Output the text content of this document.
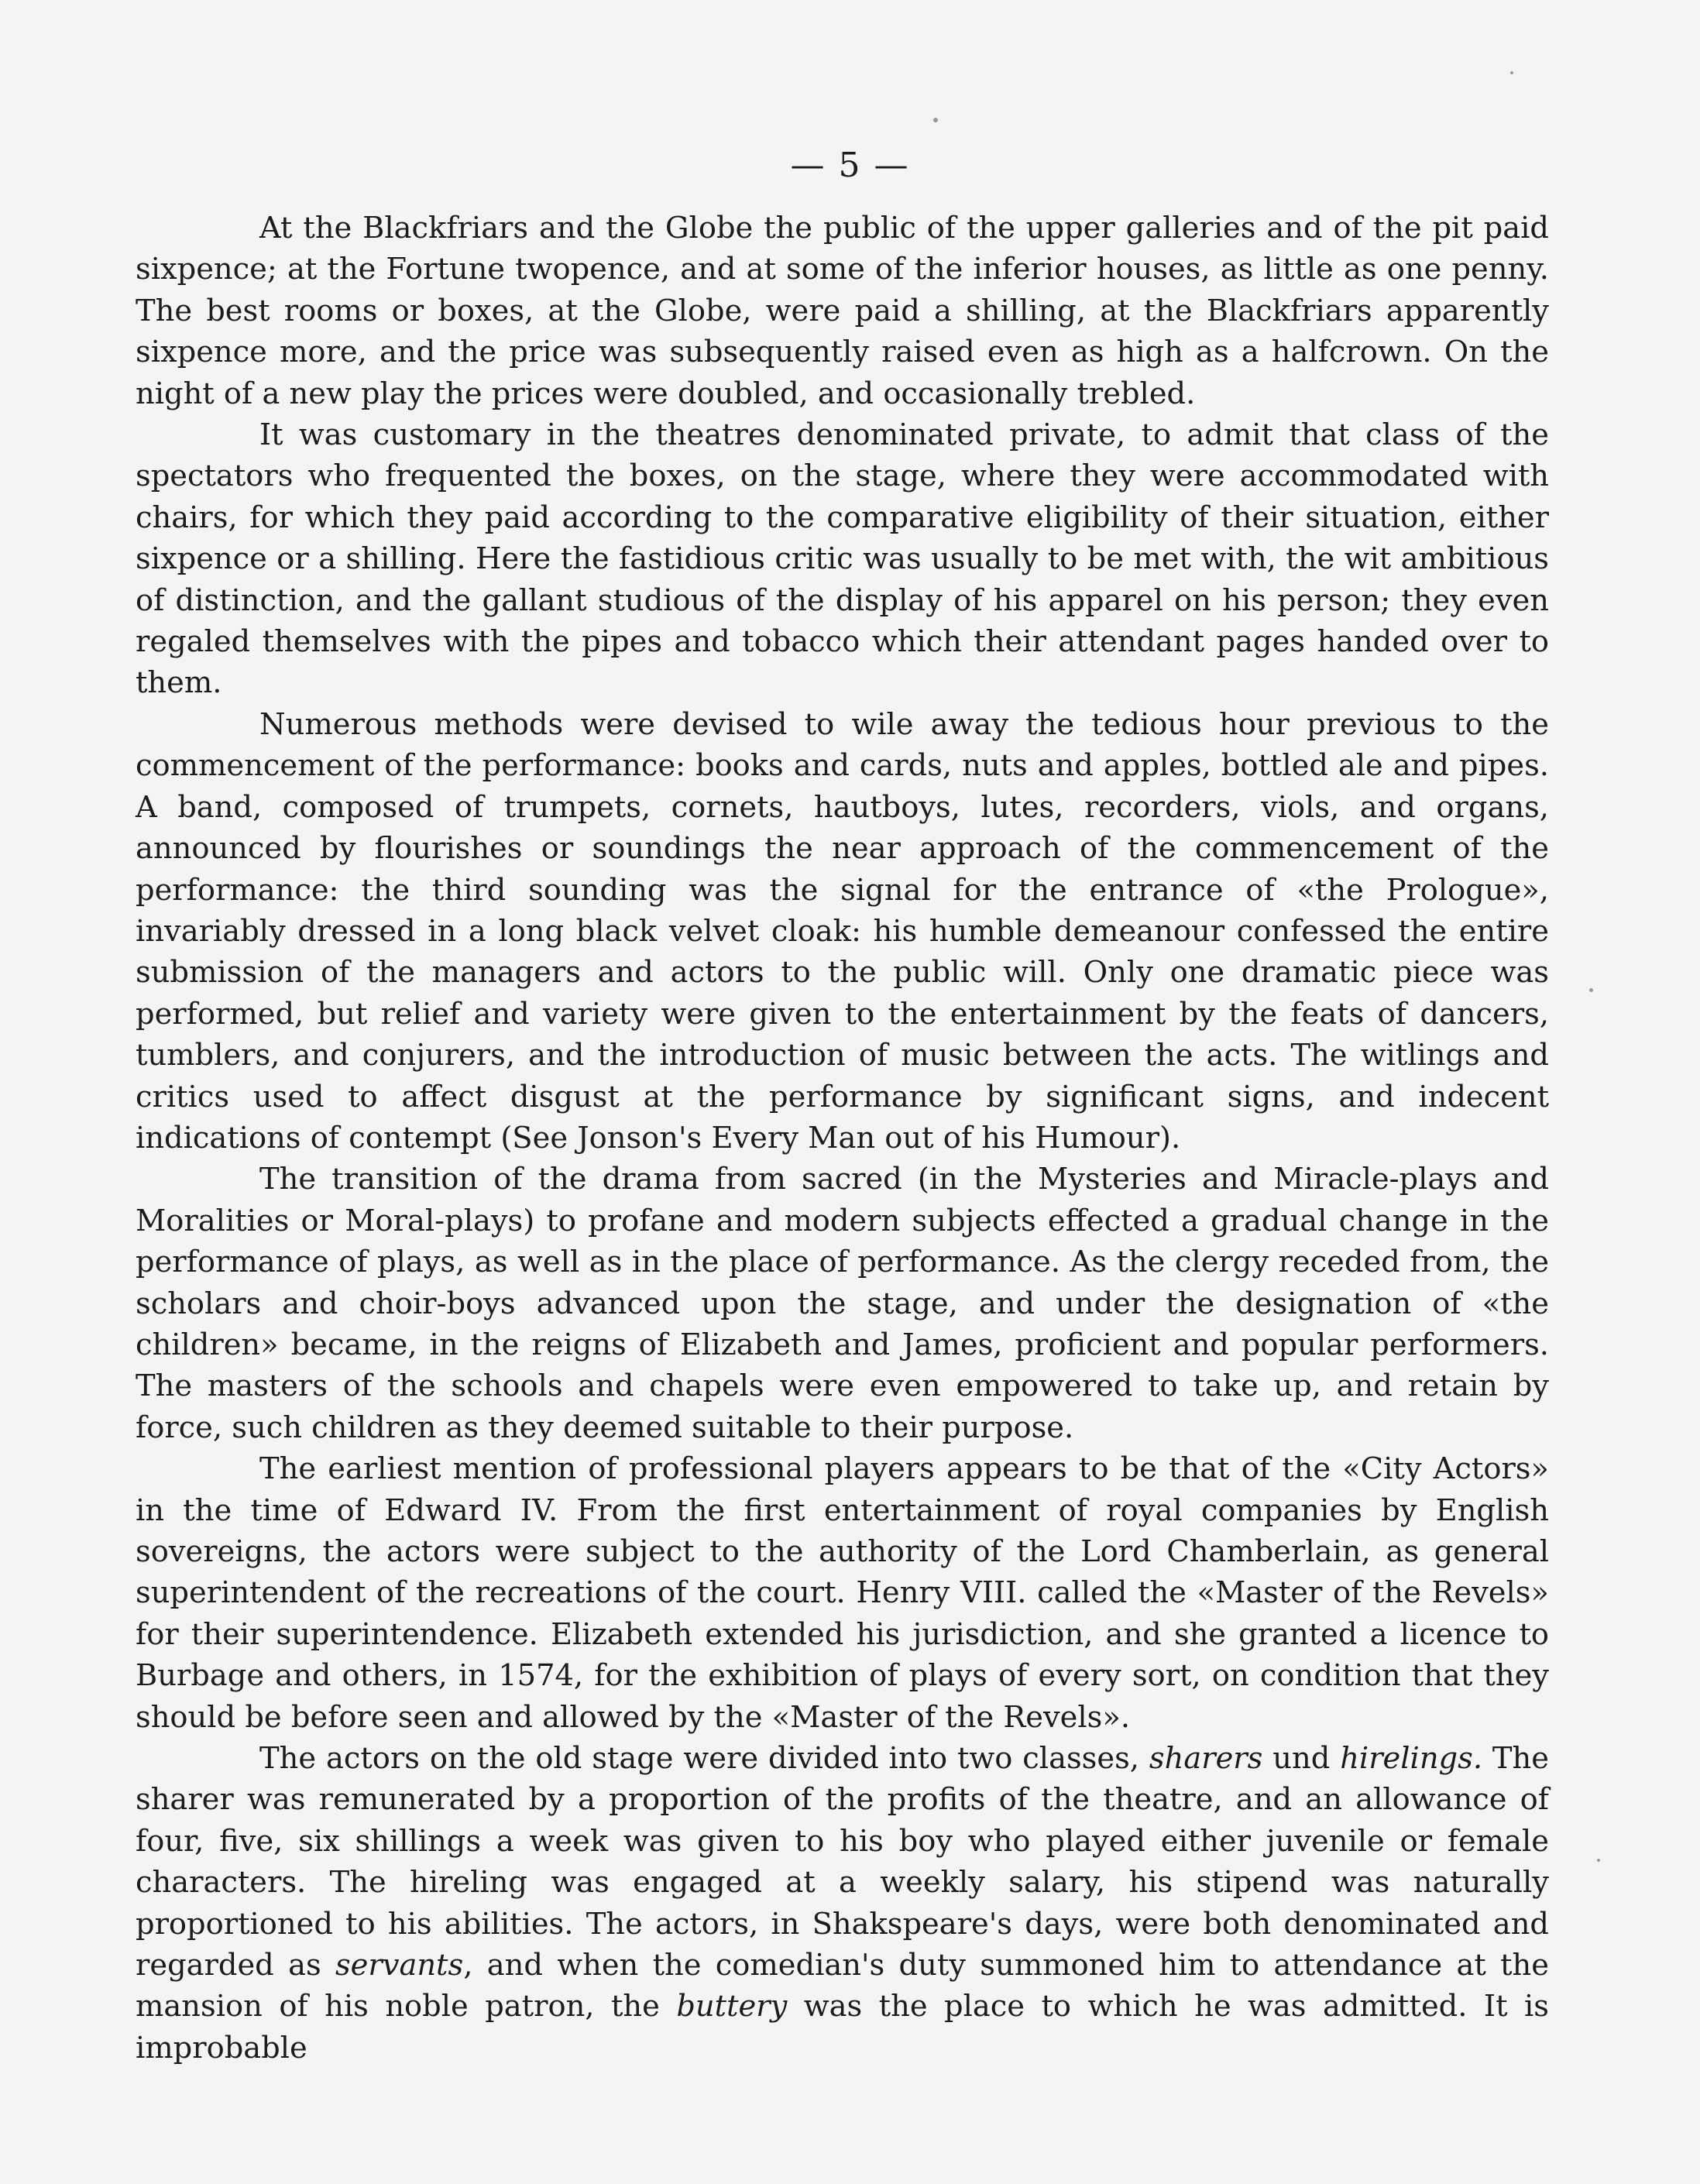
— 5 —

At the Blackfriars and the Globe the public of the upper galleries and of the pit paid sixpence; at the Fortune twopence, and at some of the inferior houses, as little as one penny. The best rooms or boxes, at the Globe, were paid a shilling, at the Blackfriars apparently sixpence more, and the price was subsequently raised even as high as a halfcrown. On the night of a new play the prices were doubled, and occasionally trebled.

It was customary in the theatres denominated private, to admit that class of the spectators who frequented the boxes, on the stage, where they were accommodated with chairs, for which they paid according to the comparative eligibility of their situation, either sixpence or a shilling. Here the fastidious critic was usually to be met with, the wit ambitious of distinction, and the gallant studious of the display of his apparel on his person; they even regaled themselves with the pipes and tobacco which their attendant pages handed over to them.

Numerous methods were devised to wile away the tedious hour previous to the commencement of the performance: books and cards, nuts and apples, bottled ale and pipes. A band, composed of trumpets, cornets, hautboys, lutes, recorders, viols, and organs, announced by flourishes or soundings the near approach of the commencement of the performance: the third sounding was the signal for the entrance of «the Prologue», invariably dressed in a long black velvet cloak: his humble demeanour confessed the entire submission of the managers and actors to the public will. Only one dramatic piece was performed, but relief and variety were given to the entertainment by the feats of dancers, tumblers, and conjurers, and the introduction of music between the acts. The witlings and critics used to affect disgust at the performance by significant signs, and indecent indications of contempt (See Jonson's Every Man out of his Humour).

The transition of the drama from sacred (in the Mysteries and Miracle-plays and Moralities or Moral-plays) to profane and modern subjects effected a gradual change in the performance of plays, as well as in the place of performance. As the clergy receded from, the scholars and choir-boys advanced upon the stage, and under the designation of «the children» became, in the reigns of Elizabeth and James, proficient and popular performers. The masters of the schools and chapels were even empowered to take up, and retain by force, such children as they deemed suitable to their purpose.

The earliest mention of professional players appears to be that of the «City Actors» in the time of Edward IV. From the first entertainment of royal companies by English sovereigns, the actors were subject to the authority of the Lord Chamberlain, as general superintendent of the recreations of the court. Henry VIII. called the «Master of the Revels» for their superintendence. Elizabeth extended his jurisdiction, and she granted a licence to Burbage and others, in 1574, for the exhibition of plays of every sort, on condition that they should be before seen and allowed by the «Master of the Revels».

The actors on the old stage were divided into two classes, sharers und hirelings. The sharer was remunerated by a proportion of the profits of the theatre, and an allowance of four, five, six shillings a week was given to his boy who played either juvenile or female characters. The hireling was engaged at a weekly salary, his stipend was naturally proportioned to his abilities. The actors, in Shakspeare's days, were both denominated and regarded as servants, and when the comedian's duty summoned him to attendance at the mansion of his noble patron, the buttery was the place to which he was admitted. It is improbable
